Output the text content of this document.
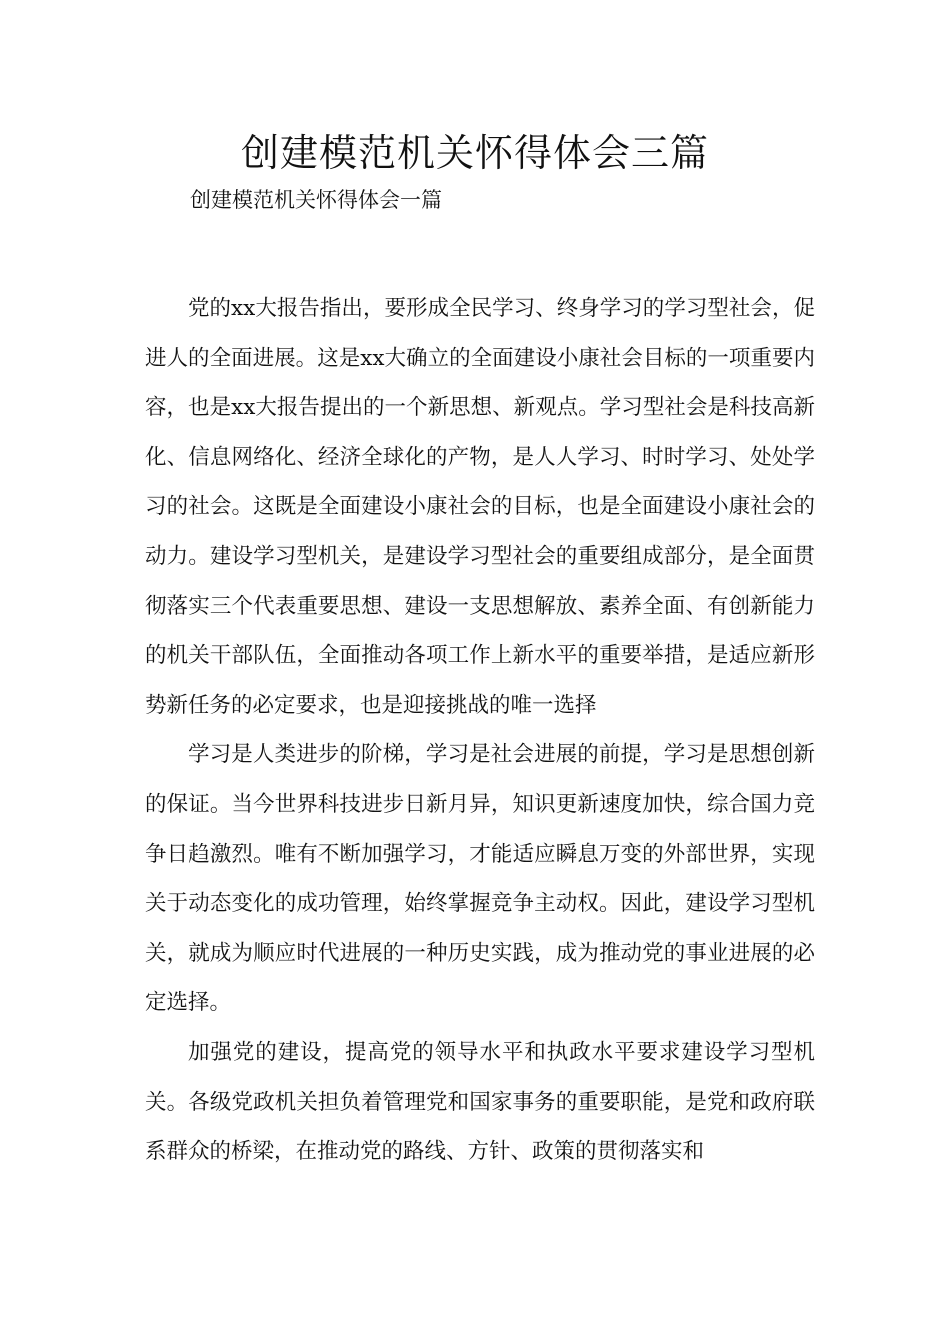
创建模范机关怀得体会三篇
创建模范机关怀得体会一篇

党的xx大报告指出，要形成全民学习、终身学习的学习型社会，促进人的全面进展。这是xx大确立的全面建设小康社会目标的一项重要内容，也是xx大报告提出的一个新思想、新观点。学习型社会是科技高新化、信息网络化、经济全球化的产物，是人人学习、时时学习、处处学习的社会。这既是全面建设小康社会的目标，也是全面建设小康社会的动力。建设学习型机关，是建设学习型社会的重要组成部分，是全面贯彻落实三个代表重要思想、建设一支思想解放、素养全面、有创新能力的机关干部队伍，全面推动各项工作上新水平的重要举措，是适应新形势新任务的必定要求，也是迎接挑战的唯一选择

学习是人类进步的阶梯，学习是社会进展的前提，学习是思想创新的保证。当今世界科技进步日新月异，知识更新速度加快，综合国力竞争日趋激烈。唯有不断加强学习，才能适应瞬息万变的外部世界，实现关于动态变化的成功管理，始终掌握竞争主动权。因此，建设学习型机关，就成为顺应时代进展的一种历史实践，成为推动党的事业进展的必定选择。

加强党的建设，提高党的领导水平和执政水平要求建设学习型机关。各级党政机关担负着管理党和国家事务的重要职能，是党和政府联系群众的桥梁，在推动党的路线、方针、政策的贯彻落实和
